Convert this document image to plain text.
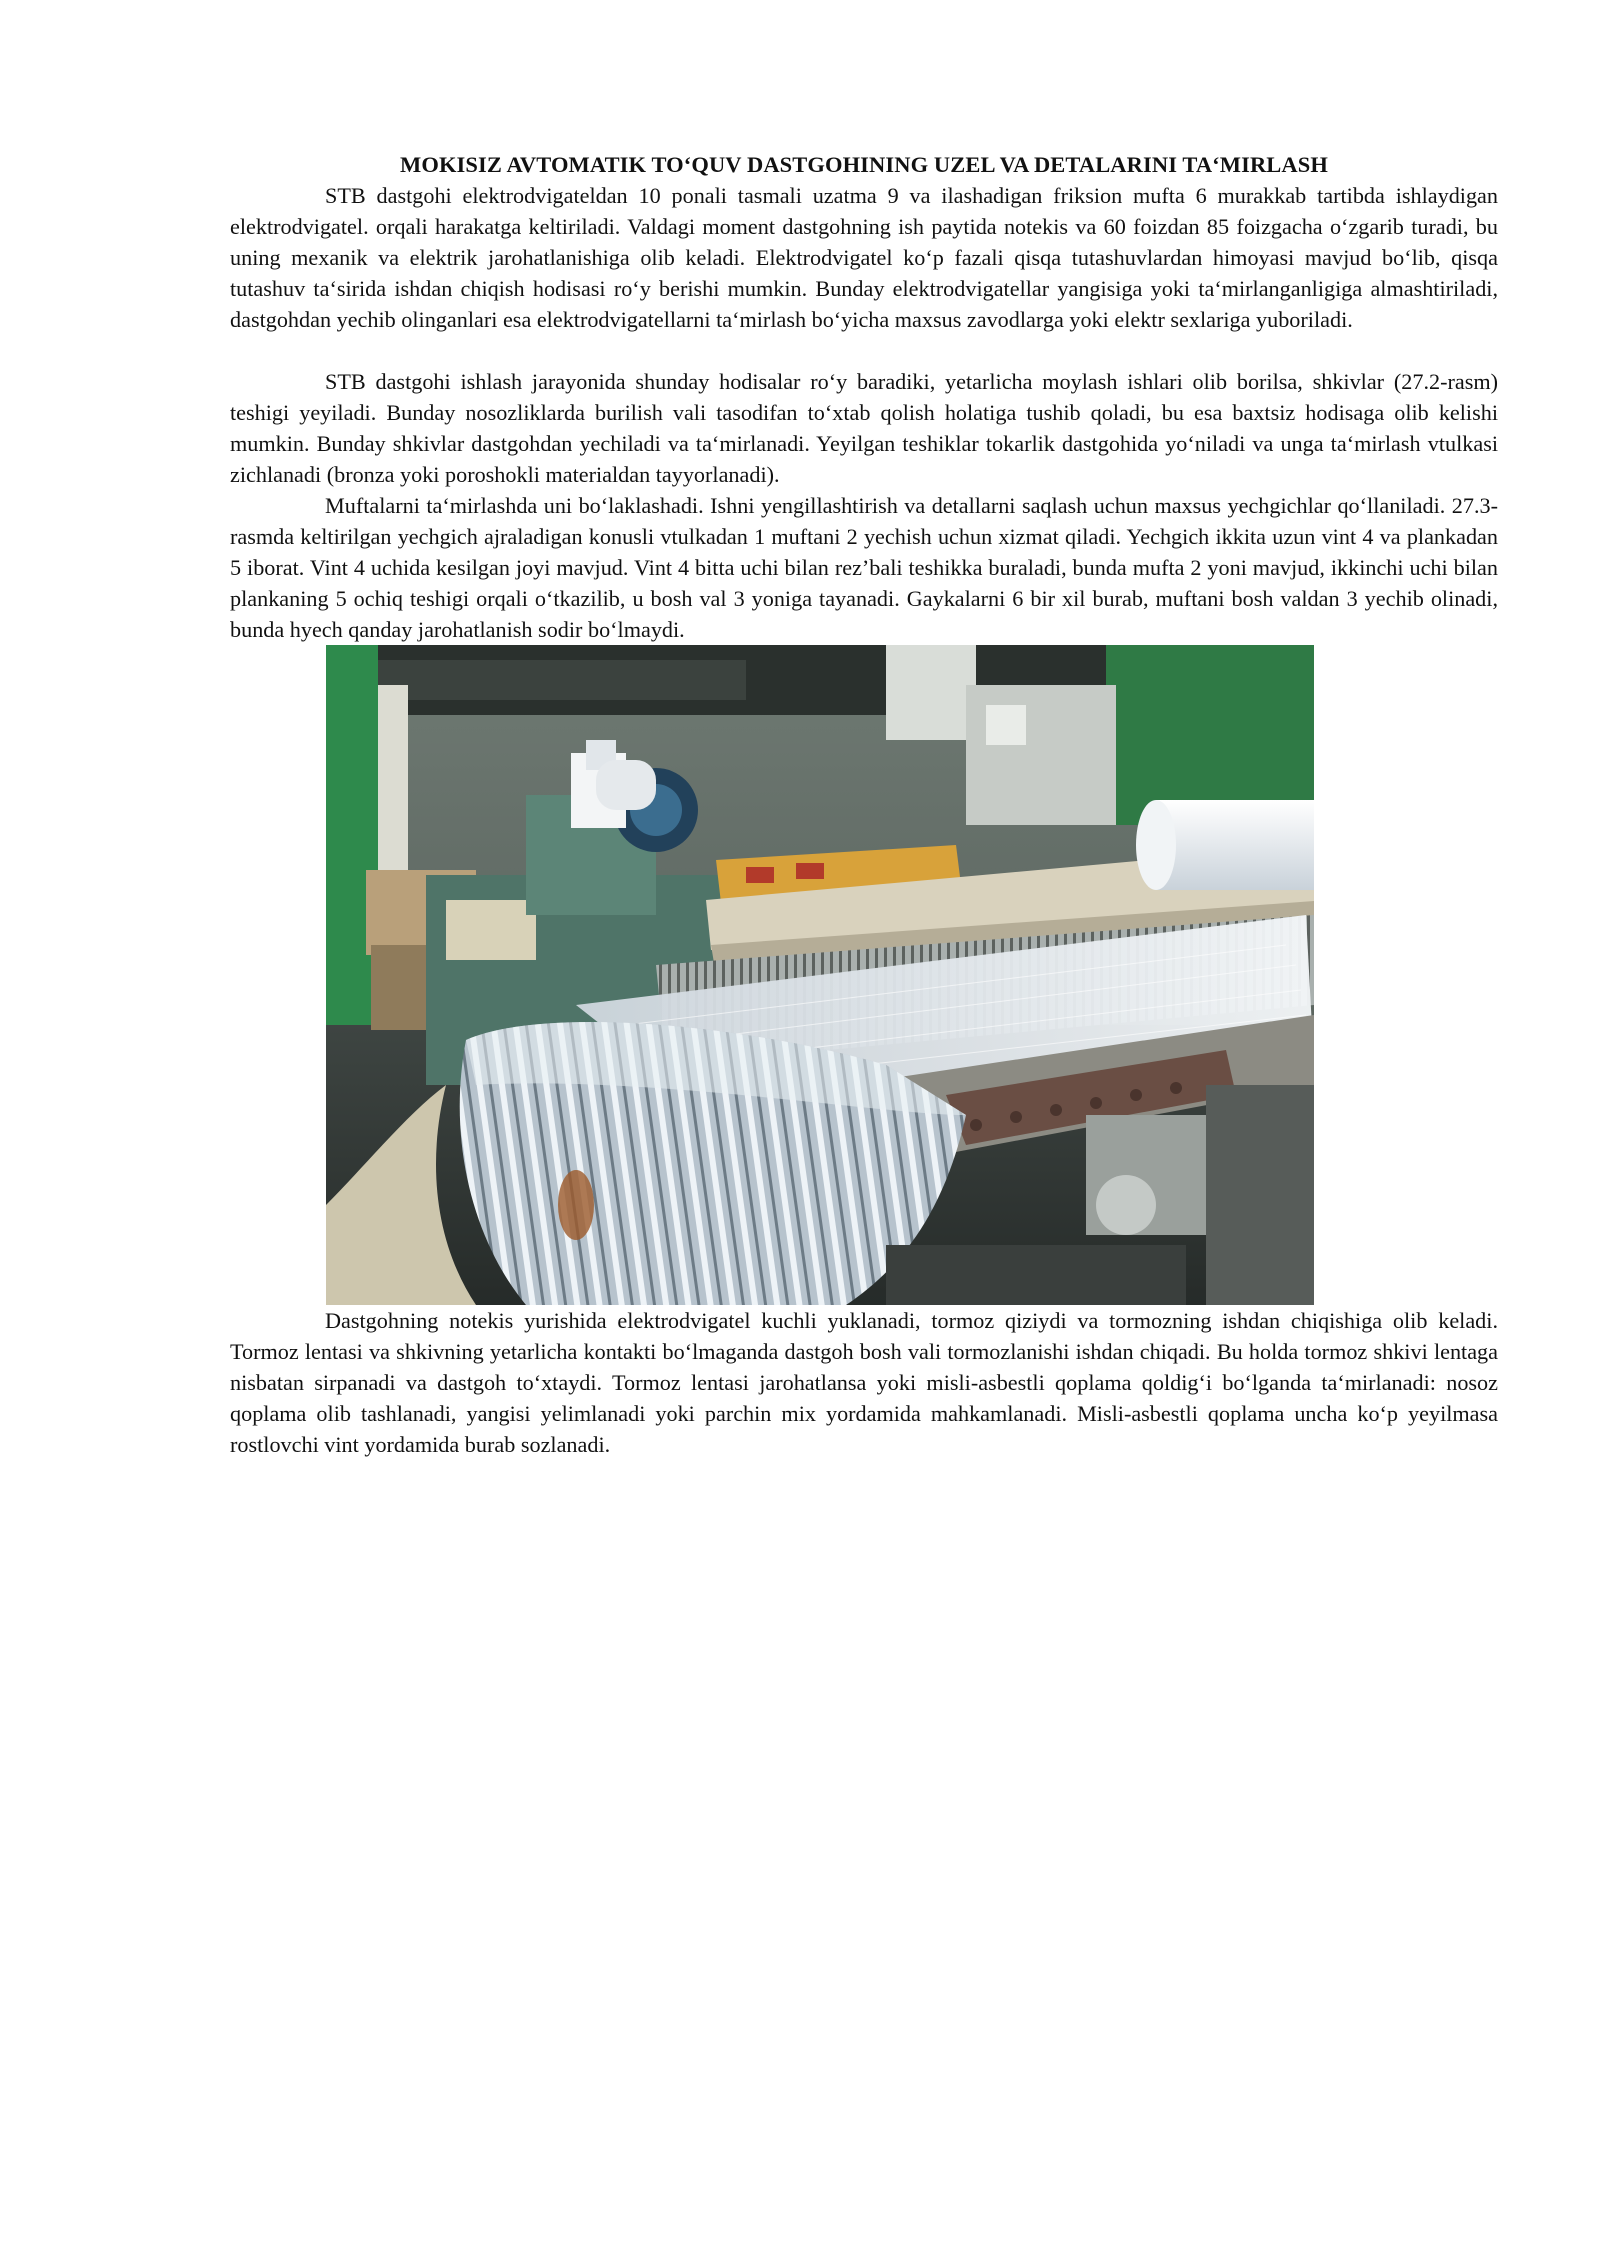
MOKISIZ AVTOMATIK TO‘QUV DASTGOHINING UZEL VA DETALARINI TA‘MIRLASH

STB dastgohi elektrodvigateldan 10 ponali tasmali uzatma 9 va ilashadigan friksion mufta 6 murakkab tartibda ishlaydigan elektrodvigatel. orqali harakatga keltiriladi. Valdagi moment dastgohning ish paytida notekis va 60 foizdan 85 foizgacha o‘zgarib turadi, bu uning mexanik va elektrik jarohatlanishiga olib keladi. Elektrodvigatel ko‘p fazali qisqa tutashuvlardan himoyasi mavjud bo‘lib, qisqa tutashuv ta‘sirida ishdan chiqish hodisasi ro‘y berishi mumkin. Bunday elektrodvigatellar yangisiga yoki ta‘mirlanganligiga almashtiriladi, dastgohdan yechib olinganlari esa elektrodvigatellarni ta‘mirlash bo‘yicha maxsus zavodlarga yoki elektr sexlariga yuboriladi.

STB dastgohi ishlash jarayonida shunday hodisalar ro‘y baradiki, yetarlicha moylash ishlari olib borilsa, shkivlar (27.2-rasm) teshigi yeyiladi. Bunday nosozliklarda burilish vali tasodifan to‘xtab qolish holatiga tushib qoladi, bu esa baxtsiz hodisaga olib kelishi mumkin. Bunday shkivlar dastgohdan yechiladi va ta‘mirlanadi. Yeyilgan teshiklar tokarlik dastgohida yo‘niladi va unga ta‘mirlash vtulkasi zichlanadi (bronza yoki poroshokli materialdan tayyorlanadi).

Muftalarni ta‘mirlashda uni bo‘laklashadi. Ishni yengillashtirish va detallarni saqlash uchun maxsus yechgichlar qo‘llaniladi. 27.3-rasmda keltirilgan yechgich ajraladigan konusli vtulkadan 1 muftani 2 yechish uchun xizmat qiladi. Yechgich ikkita uzun vint 4 va plankadan 5 iborat. Vint 4 uchida kesilgan joyi mavjud. Vint 4 bitta uchi bilan rez’bali teshikka buraladi, bunda mufta 2 yoni mavjud, ikkinchi uchi bilan plankaning 5 ochiq teshigi orqali o‘tkazilib, u bosh val 3 yoniga tayanadi. Gaykalarni 6 bir xil burab, muftani bosh valdan 3 yechib olinadi, bunda hyech qanday jarohatlanish sodir bo‘lmaydi.

Dastgohning notekis yurishida elektrodvigatel kuchli yuklanadi, tormoz qiziydi va tormozning ishdan chiqishiga olib keladi. Tormoz lentasi va shkivning yetarlicha kontakti bo‘lmaganda dastgoh bosh vali tormozlanishi ishdan chiqadi. Bu holda tormoz shkivi lentaga nisbatan sirpanadi va dastgoh to‘xtaydi. Tormoz lentasi jarohatlansa yoki misli-asbestli qoplama qoldig‘i bo‘lganda ta‘mirlanadi: nosoz qoplama olib tashlanadi, yangisi yelimlanadi yoki parchin mix yordamida mahkamlanadi. Misli-asbestli qoplama uncha ko‘p yeyilmasa rostlovchi vint yordamida burab sozlanadi.
